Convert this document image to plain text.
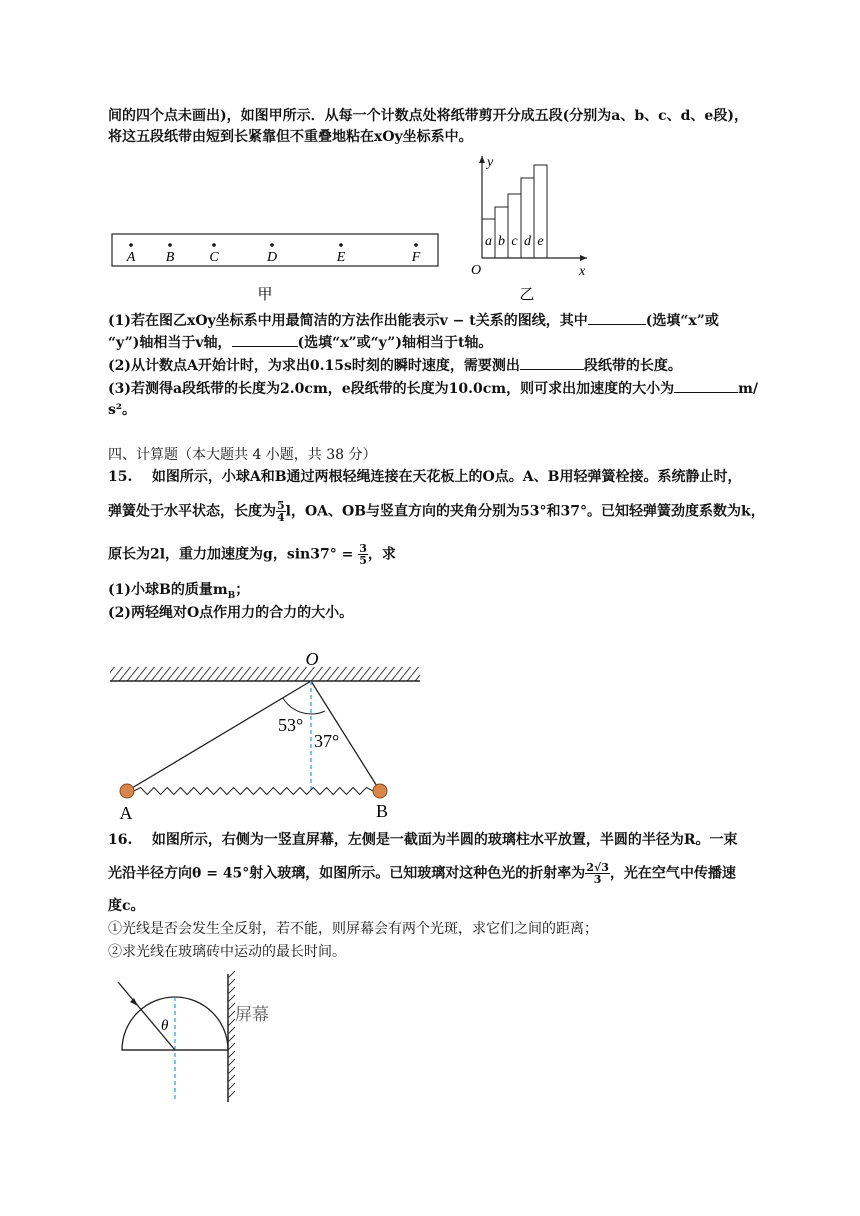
间的四个点未画出)，如图甲所示．从每一个计数点处将纸带剪开分成五段(分别为a、b、c、d、e段)，
将这五段纸带由短到长紧靠但不重叠地粘在xOy坐标系中。
A B	C	D	E	F
甲
y
x
O
a b c d e
乙
(1)若在图乙xOy坐标系中用最简洁的方法作出能表示v − t关系的图线，其中	(选填“x”或
“y”)轴相当于v轴，	(选填“x”或“y”)轴相当于t轴。
(2)从计数点A开始计时，为求出0.15s时刻的瞬时速度，需要测出	段纸带的长度。
(3)若测得a段纸带的长度为2.0cm，e段纸带的长度为10.0cm，则可求出加速度的大小为	m/
s²。
四、计算题（本大题共 4 小题，共 38 分）
15. 如图所示，小球A和B通过两根轻绳连接在天花板上的O点。A、B用轻弹簧栓接。系统静止时，
弹簧处于水平状态，长度为 $\frac{5}{4}$ l，OA、OB与竖直方向的夹角分别为53°和37°。已知轻弹簧劲度系数为k，
原长为2l，重力加速度为g，$\sin 37^\circ = \frac{3}{5}$ ，求
(1)小球B的质量$m_B$；
(2)两轻绳对O点作用力的合力的大小。
O
53°
37°
A	B
16. 如图所示，右侧为一竖直屏幕，左侧是一截面为半圆的玻璃柱水平放置，半圆的半径为R。一束
光沿半径方向θ = 45°射入玻璃，如图所示。已知玻璃对这种色光的折射率为 $\frac{2√3}{3}$ ，光在空气中传播速
度c。
①光线是否会发生全反射，若不能，则屏幕会有两个光斑，求它们之间的距离；
②求光线在玻璃砖中运动的最长时间。
θ
屏幕
